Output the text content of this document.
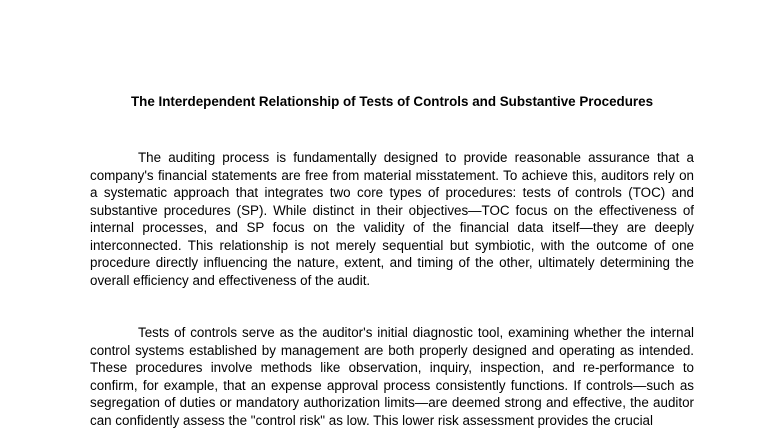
The Interdependent Relationship of Tests of Controls and Substantive Procedures

The auditing process is fundamentally designed to provide reasonable assurance that a company's financial statements are free from material misstatement. To achieve this, auditors rely on a systematic approach that integrates two core types of procedures: tests of controls (TOC) and substantive procedures (SP). While distinct in their objectives—TOC focus on the effectiveness of internal processes, and SP focus on the validity of the financial data itself—they are deeply interconnected. This relationship is not merely sequential but symbiotic, with the outcome of one procedure directly influencing the nature, extent, and timing of the other, ultimately determining the overall efficiency and effectiveness of the audit.

Tests of controls serve as the auditor's initial diagnostic tool, examining whether the internal control systems established by management are both properly designed and operating as intended. These procedures involve methods like observation, inquiry, inspection, and re-performance to confirm, for example, that an expense approval process consistently functions. If controls—such as segregation of duties or mandatory authorization limits—are deemed strong and effective, the auditor can confidently assess the "control risk" as low. This lower risk assessment provides the crucial
